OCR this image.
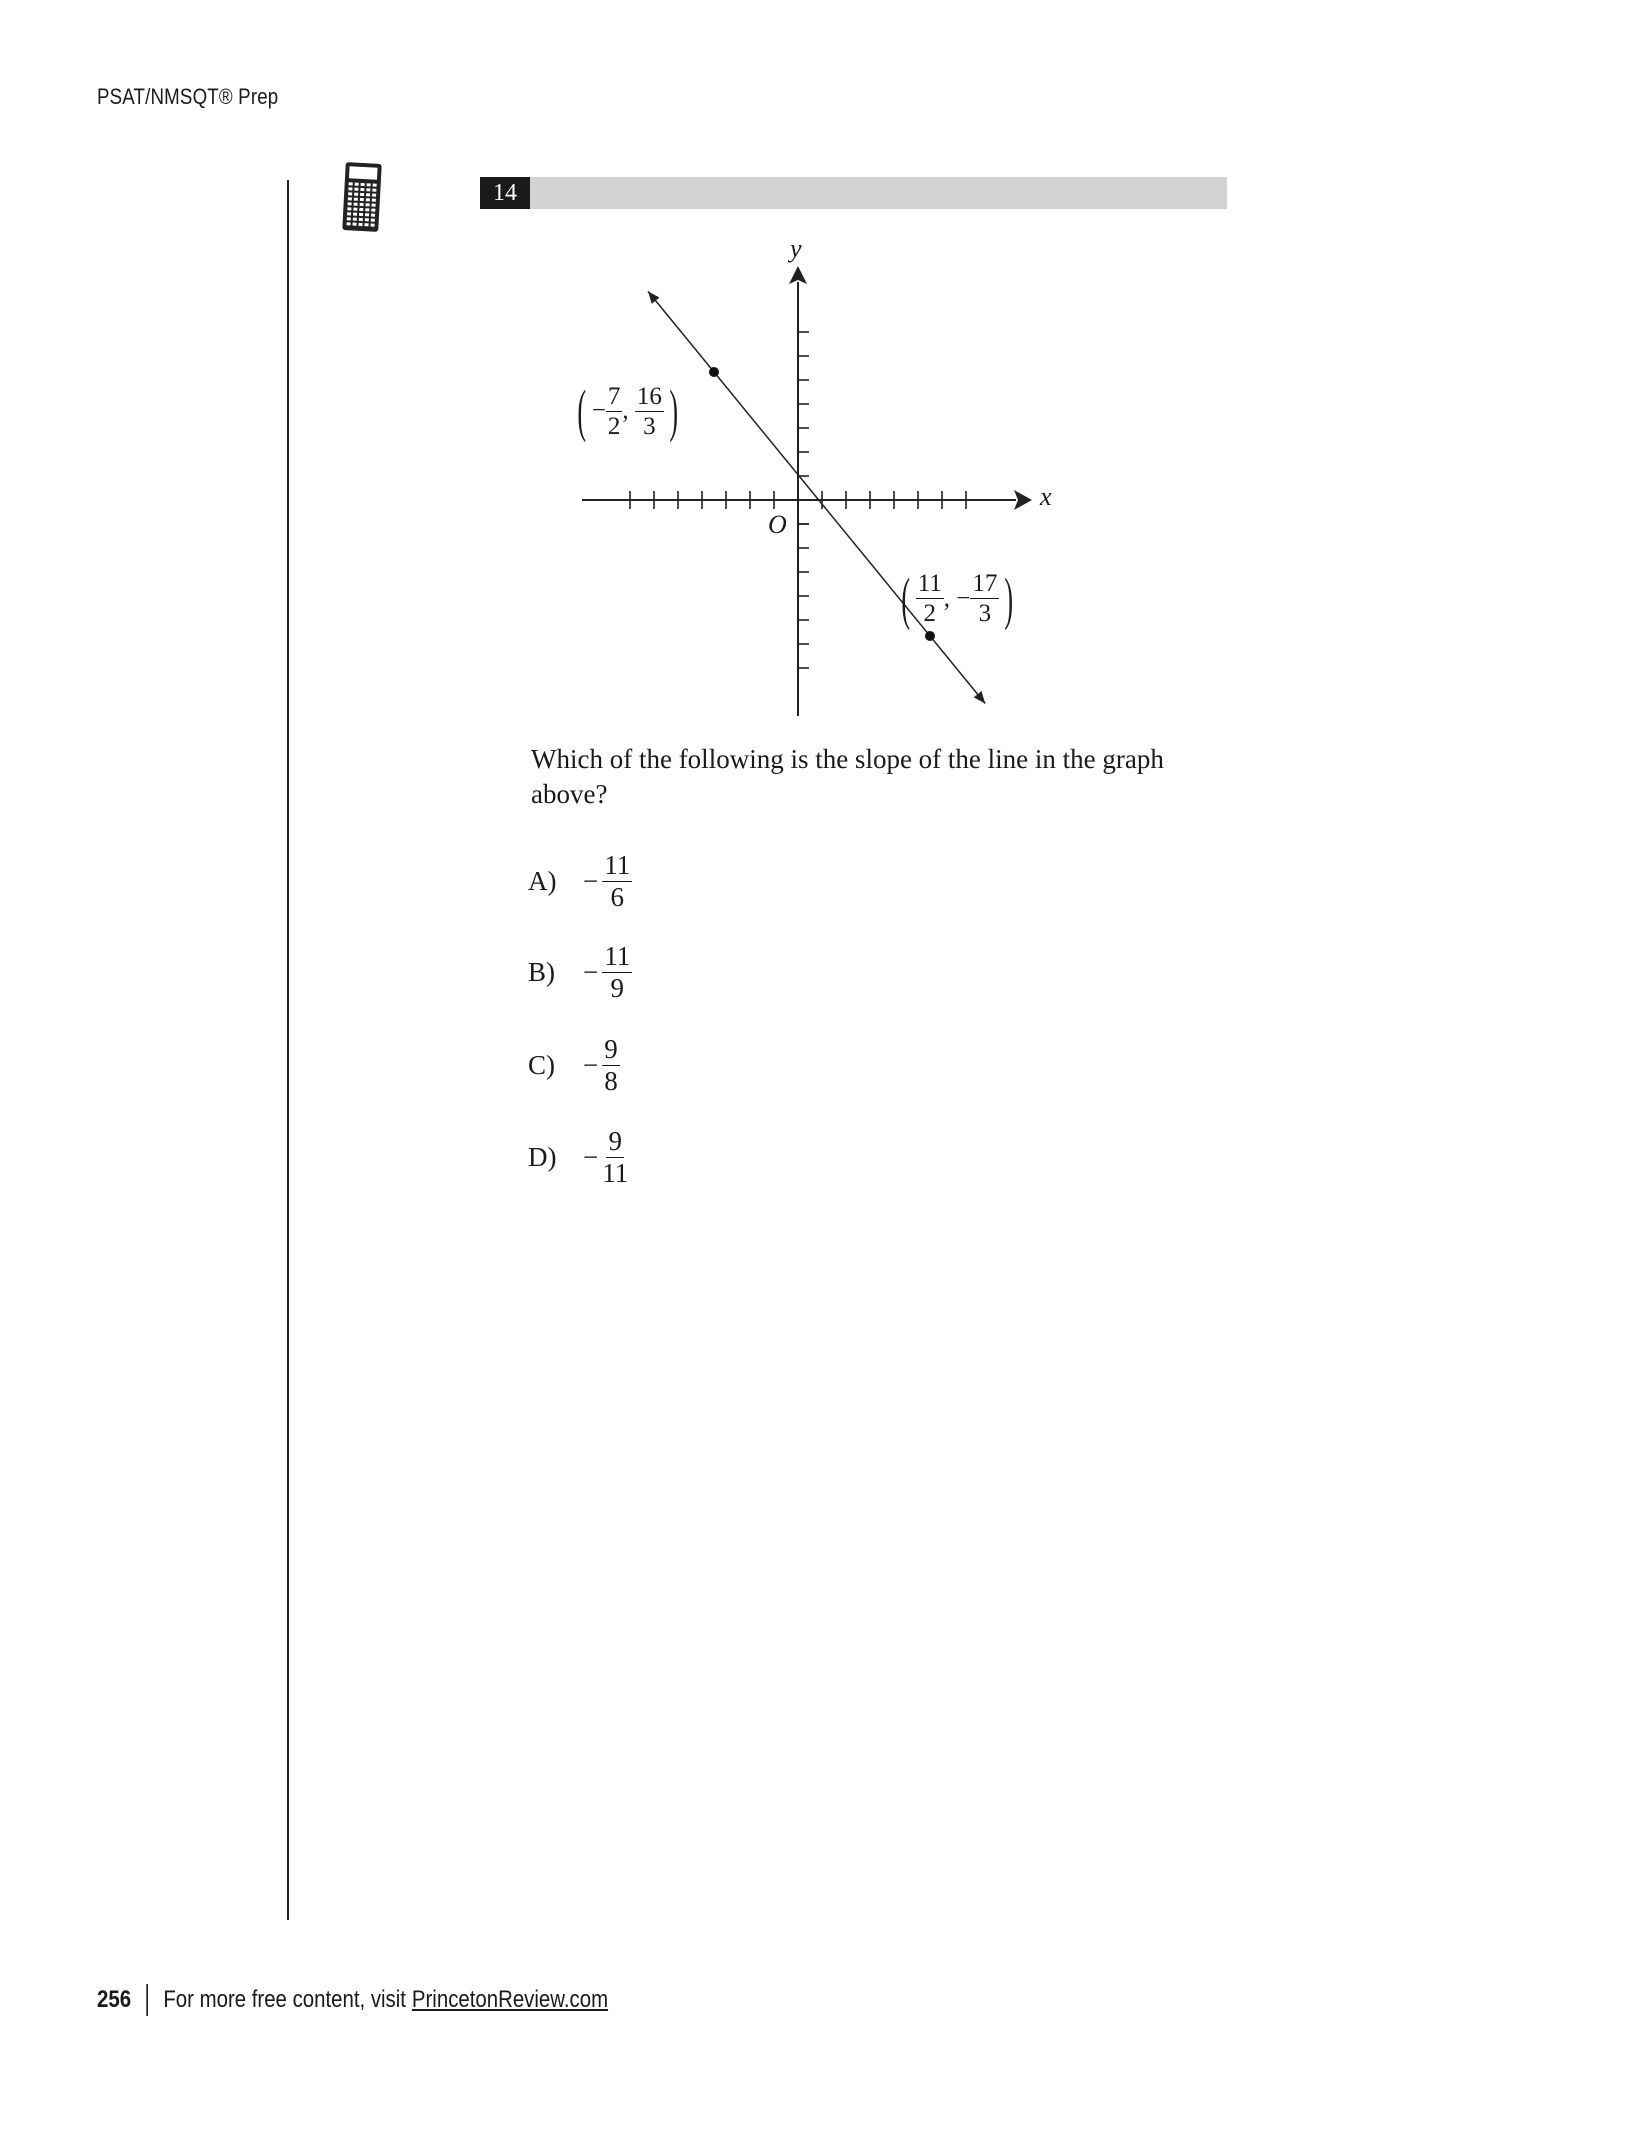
PSAT/NMSQT® Prep
14
y
x
O
( − $\frac{7}{2}$ , $\frac{16}{3}$ )
( $\frac{11}{2}$ , − $\frac{17}{3}$ )
Which of the following is the slope of the line in the graph above?
$A) - \frac{11}{6}$
B)	− $\frac{11}{9}$
C)	− $\frac{9}{8}$
$D) - \frac{9}{11}$
256 For more free content, visit PrincetonReview.com
